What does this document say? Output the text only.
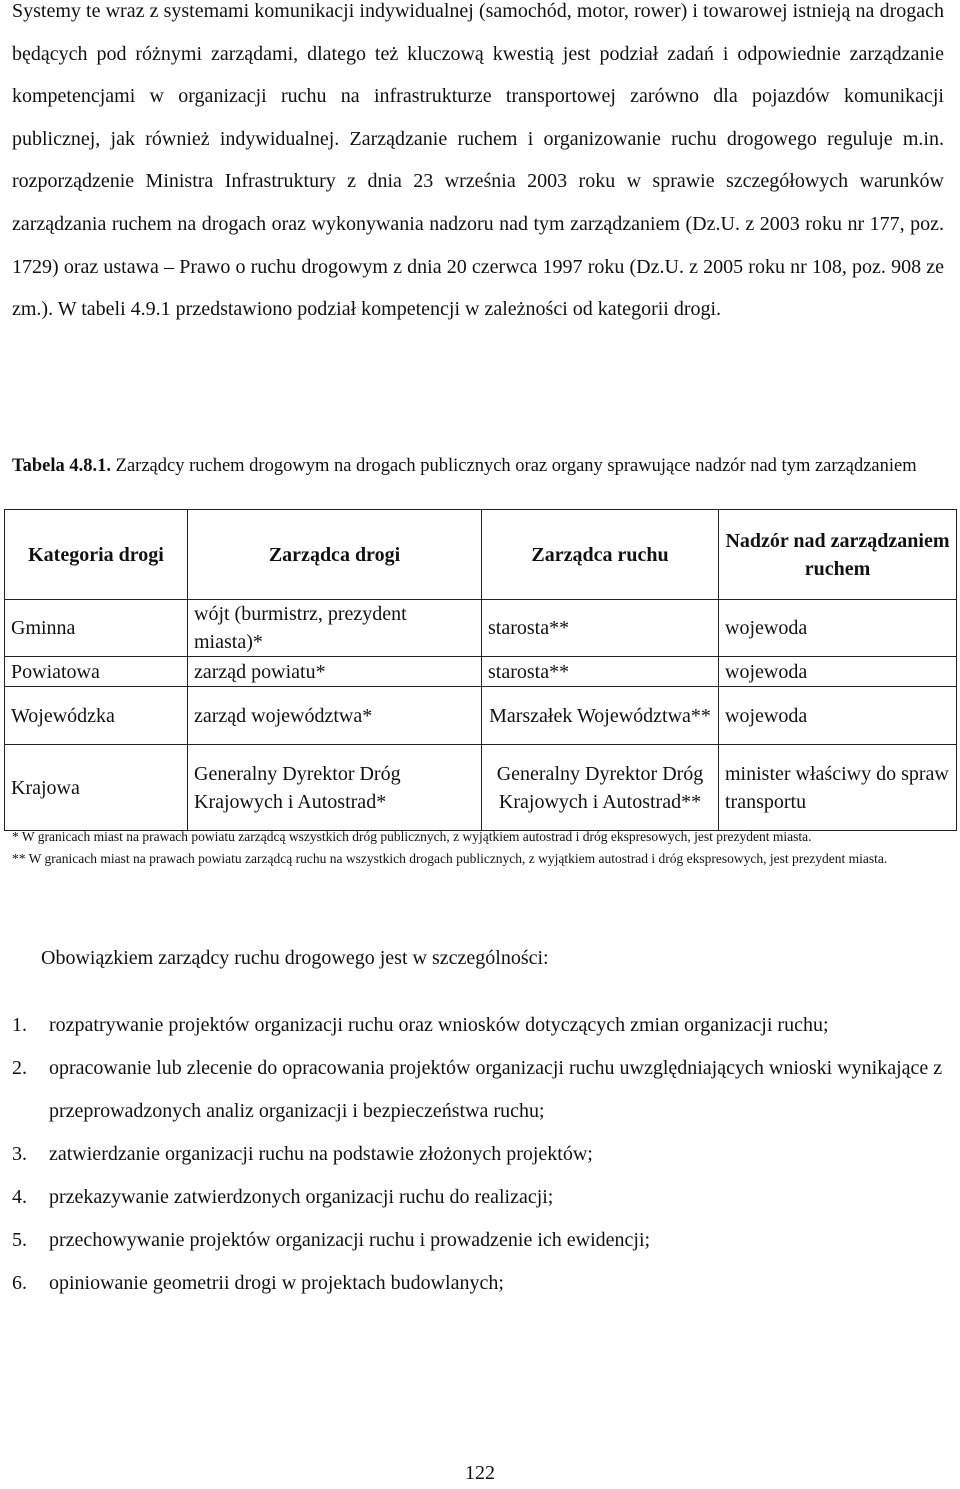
Systemy te wraz z systemami komunikacji indywidualnej (samochód, motor, rower) i towarowej istnieją na drogach będących pod różnymi zarządami, dlatego też kluczową kwestią jest podział zadań i odpowiednie zarządzanie kompetencjami w organizacji ruchu na infrastrukturze transportowej zarówno dla pojazdów komunikacji publicznej, jak również indywidualnej. Zarządzanie ruchem i organizowanie ruchu drogowego reguluje m.in. rozporządzenie Ministra Infrastruktury z dnia 23 września 2003 roku w sprawie szczegółowych warunków zarządzania ruchem na drogach oraz wykonywania nadzoru nad tym zarządzaniem (Dz.U. z 2003 roku nr 177, poz. 1729) oraz ustawa – Prawo o ruchu drogowym z dnia 20 czerwca 1997 roku (Dz.U. z 2005 roku nr 108, poz. 908 ze zm.). W tabeli 4.9.1 przedstawiono podział kompetencji w zależności od kategorii drogi.
Tabela 4.8.1. Zarządcy ruchem drogowym na drogach publicznych oraz organy sprawujące nadzór nad tym zarządzaniem
Kategoria drogi	Zarządca drogi	Zarządca ruchu	Nadzór nad zarządzaniem ruchem
Gminna	wójt (burmistrz, prezydent miasta)*	starosta**	wojewoda
Powiatowa	zarząd powiatu*	starosta**	wojewoda
Wojewódzka	zarząd województwa*	Marszałek Województwa**	wojewoda
Krajowa	Generalny Dyrektor Dróg Krajowych i Autostrad*	Generalny Dyrektor Dróg Krajowych i Autostrad**	minister właściwy do spraw transportu
* W granicach miast na prawach powiatu zarządcą wszystkich dróg publicznych, z wyjątkiem autostrad i dróg ekspresowych, jest prezydent miasta.
** W granicach miast na prawach powiatu zarządcą ruchu na wszystkich drogach publicznych, z wyjątkiem autostrad i dróg ekspresowych, jest prezydent miasta.
Obowiązkiem zarządcy ruchu drogowego jest w szczególności:
1. rozpatrywanie projektów organizacji ruchu oraz wniosków dotyczących zmian organizacji ruchu;
2. opracowanie lub zlecenie do opracowania projektów organizacji ruchu uwzględniających wnioski wynikające z przeprowadzonych analiz organizacji i bezpieczeństwa ruchu;
3. zatwierdzanie organizacji ruchu na podstawie złożonych projektów;
4. przekazywanie zatwierdzonych organizacji ruchu do realizacji;
5. przechowywanie projektów organizacji ruchu i prowadzenie ich ewidencji;
6. opiniowanie geometrii drogi w projektach budowlanych;
122
